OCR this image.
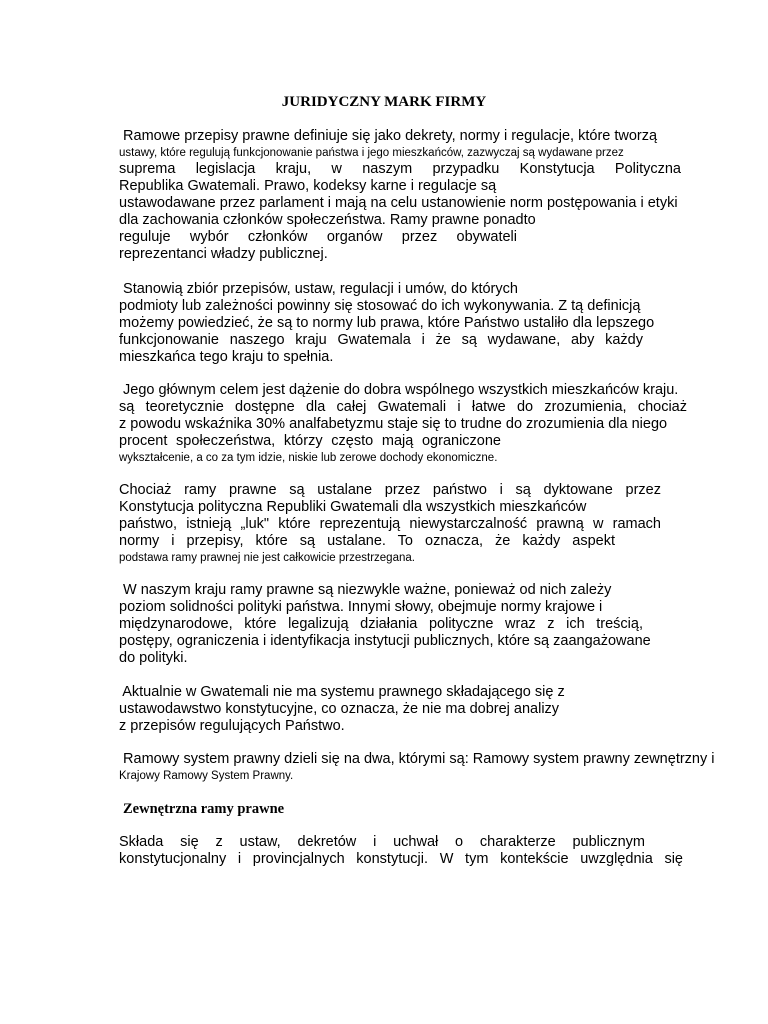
JURIDYCZNY MARK FIRMY
Ramowe przepisy prawne definiuje się jako dekrety, normy i regulacje, które tworzą
ustawy, które regulują funkcjonowanie państwa i jego mieszkańców, zazwyczaj są wydawane przez
suprema legislacja kraju, w naszym przypadku Konstytucja Polityczna
Republika Gwatemali. Prawo, kodeksy karne i regulacje są
ustawodawane przez parlament i mają na celu ustanowienie norm postępowania i etyki
dla zachowania członków społeczeństwa. Ramy prawne ponadto
reguluje wybór członków organów przez obywateli
reprezentanci władzy publicznej.
Stanowią zbiór przepisów, ustaw, regulacji i umów, do których
podmioty lub zależności powinny się stosować do ich wykonywania. Z tą definicją
możemy powiedzieć, że są to normy lub prawa, które Państwo ustaliło dla lepszego
funkcjonowanie naszego kraju Gwatemala i że są wydawane, aby każdy
mieszkańca tego kraju to spełnia.
Jego głównym celem jest dążenie do dobra wspólnego wszystkich mieszkańców kraju.
są teoretycznie dostępne dla całej Gwatemali i łatwe do zrozumienia, chociaż
z powodu wskaźnika 30% analfabetyzmu staje się to trudne do zrozumienia dla niego
procent społeczeństwa, którzy często mają ograniczone
wykształcenie, a co za tym idzie, niskie lub zerowe dochody ekonomiczne.
Chociaż ramy prawne są ustalane przez państwo i są dyktowane przez
Konstytucja polityczna Republiki Gwatemali dla wszystkich mieszkańców
państwo, istnieją „luk" które reprezentują niewystarczalność prawną w ramach
normy i przepisy, które są ustalane. To oznacza, że każdy aspekt
podstawa ramy prawnej nie jest całkowicie przestrzegana.
W naszym kraju ramy prawne są niezwykle ważne, ponieważ od nich zależy
poziom solidności polityki państwa. Innymi słowy, obejmuje normy krajowe i
międzynarodowe, które legalizują działania polityczne wraz z ich treścią,
postępy, ograniczenia i identyfikacja instytucji publicznych, które są zaangażowane
do polityki.
Aktualnie w Gwatemali nie ma systemu prawnego składającego się z
ustawodawstwo konstytucyjne, co oznacza, że nie ma dobrej analizy
z przepisów regulujących Państwo.
Ramowy system prawny dzieli się na dwa, którymi są: Ramowy system prawny zewnętrzny i
Krajowy Ramowy System Prawny.
Zewnętrzna ramy prawne
Składa się z ustaw, dekretów i uchwał o charakterze publicznym
konstytucjonalny i provincjalnych konstytucji. W tym kontekście uwzględnia się
